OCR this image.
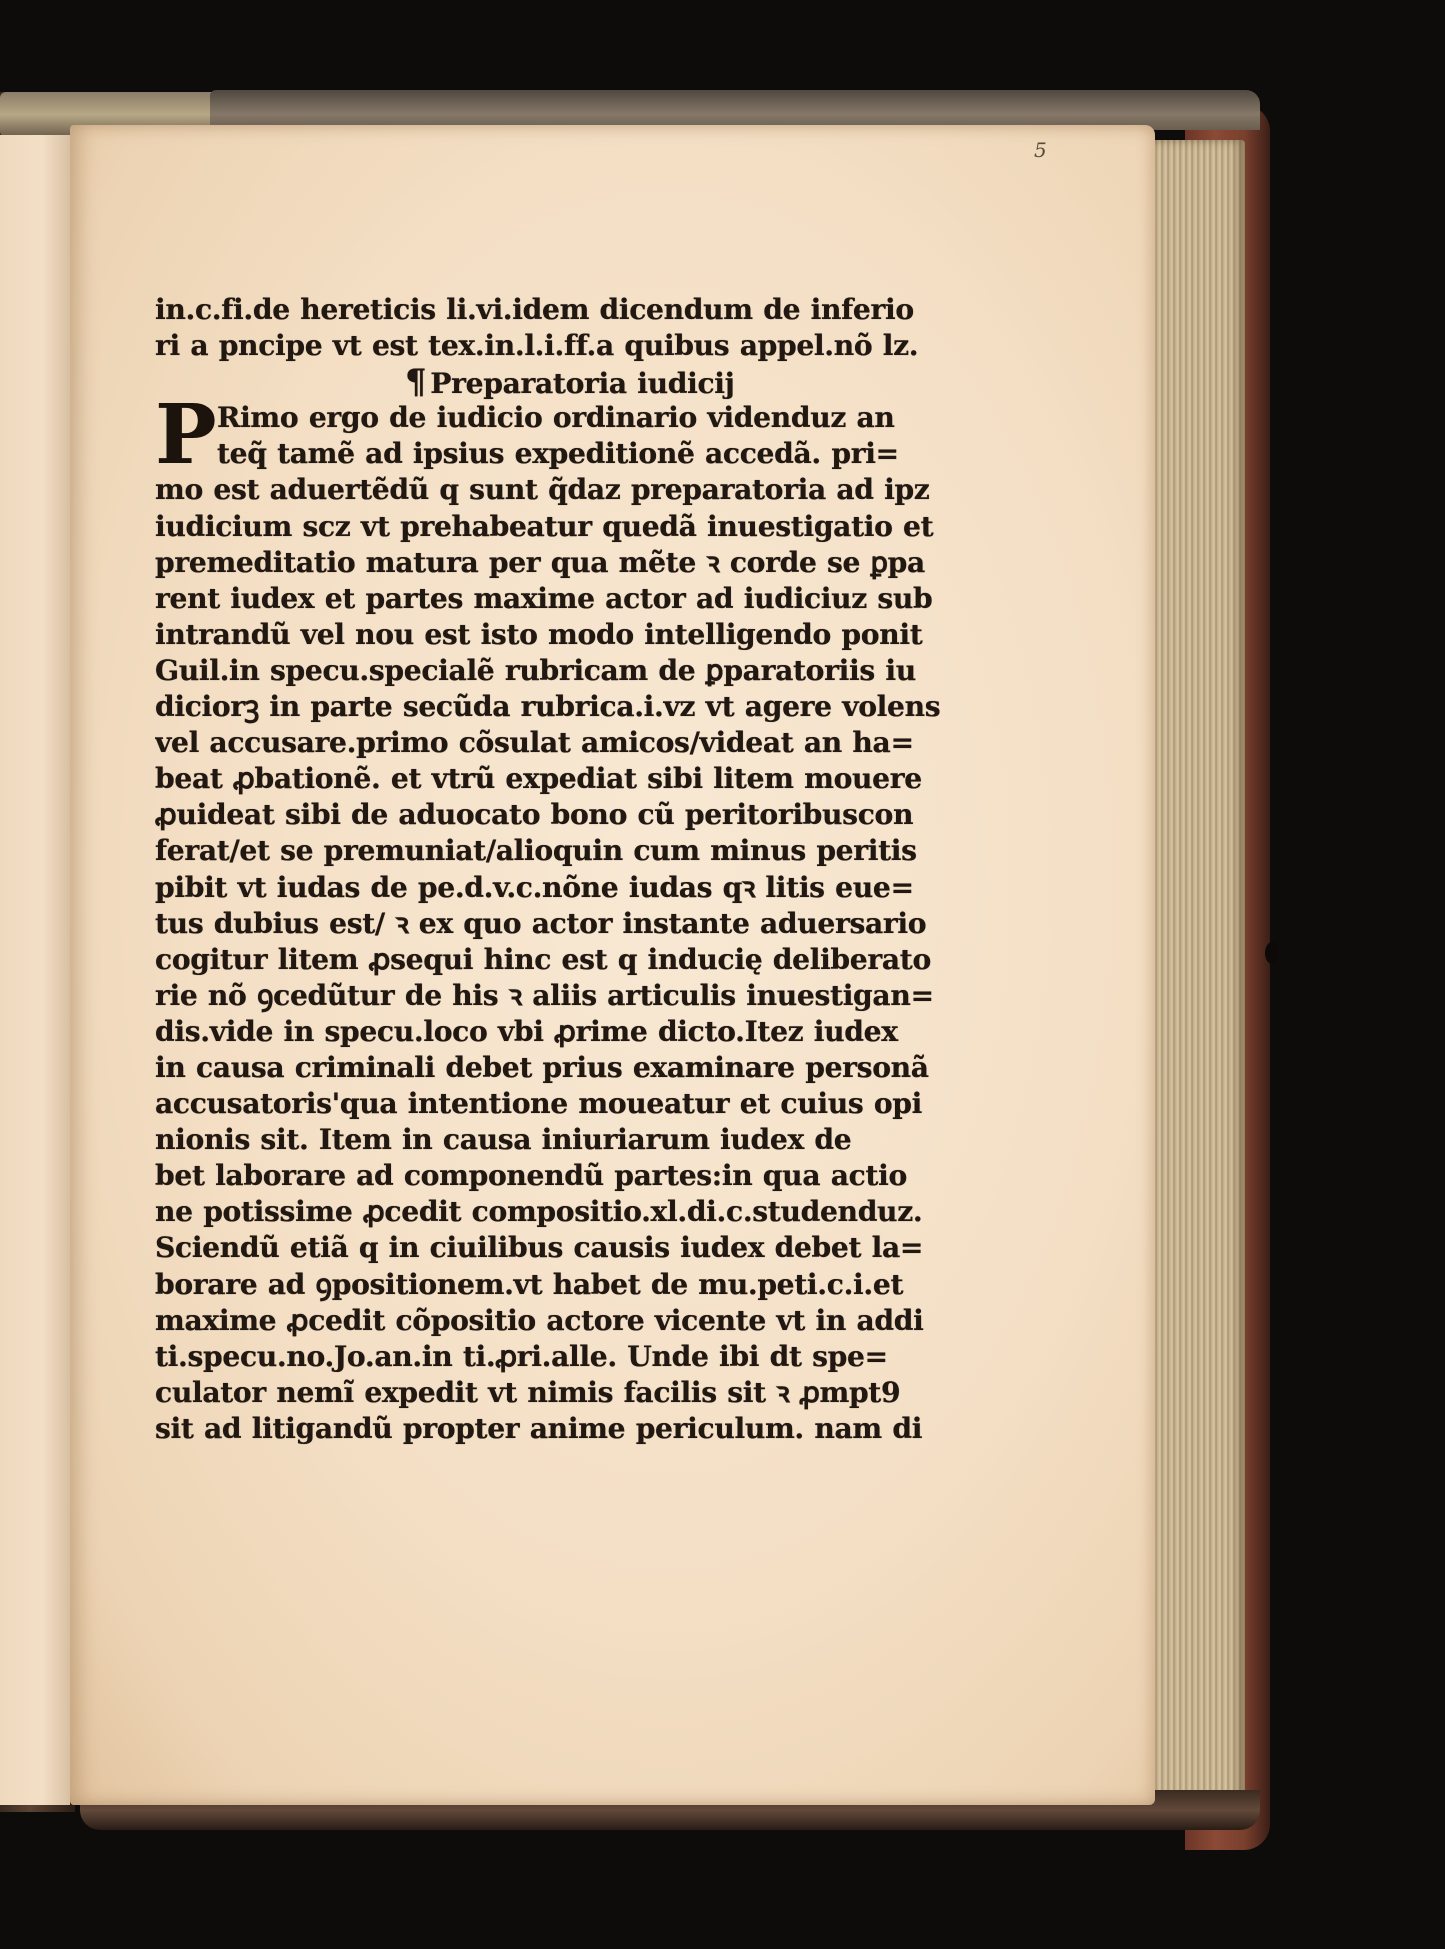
5
in.c.fi.de hereticis li.vi.idem dicendum de inferio
ri a pncipe vt est tex.in.l.i.ff.a quibus appel.nõ lz.
¶ Preparatoria iudicij
P Rimo ergo de iudicio ordinario videnduz an
teq̃ tamẽ ad ipsius expeditionẽ accedã. pri=
mo est aduertẽdũ q sunt q̃daz preparatoria ad ipz
iudicium scz vt prehabeatur quedã inuestigatio et
premeditatio matura per qua mẽte ꝛ corde se ꝑpa
rent iudex et partes maxime actor ad iudiciuz sub
intrandũ vel nou est isto modo intelligendo ponit
Guil.in specu.specialẽ rubricam de ꝑparatoriis iu
diciorꝫ in parte secũda rubrica.i.vz vt agere volens
vel accusare.primo cõsulat amicos/videat an ha=
beat ꝓbationẽ. et vtrũ expediat sibi litem mouere
ꝓuideat sibi de aduocato bono cũ peritoribuscon
ferat/et se premuniat/alioquin cum minus peritis
pibit vt iudas de pe.d.v.c.nõne iudas qꝛ litis eue=
tus dubius est/ ꝛ ex quo actor instante aduersario
cogitur litem ꝓsequi hinc est q inducię deliberato
rie nõ ꝯcedũtur de his ꝛ aliis articulis inuestigan=
dis.vide in specu.loco vbi ꝓrime dicto.Itez iudex
in causa criminali debet prius examinare personã
accusatoris'qua intentione moueatur et cuius opi
nionis sit. Item in causa iniuriarum iudex de
bet laborare ad componendũ partes:in qua actio
ne potissime ꝓcedit compositio.xl.di.c.studenduz.
Sciendũ etiã q in ciuilibus causis iudex debet la=
borare ad ꝯpositionem.vt habet de mu.peti.c.i.et
maxime ꝓcedit cõpositio actore vicente vt in addi
ti.specu.no.Jo.an.in ti.ꝓri.alle. Unde ibi dt spe=
culator nemĩ expedit vt nimis facilis sit ꝛ ꝓmpt9
sit ad litigandũ propter anime periculum. nam di
